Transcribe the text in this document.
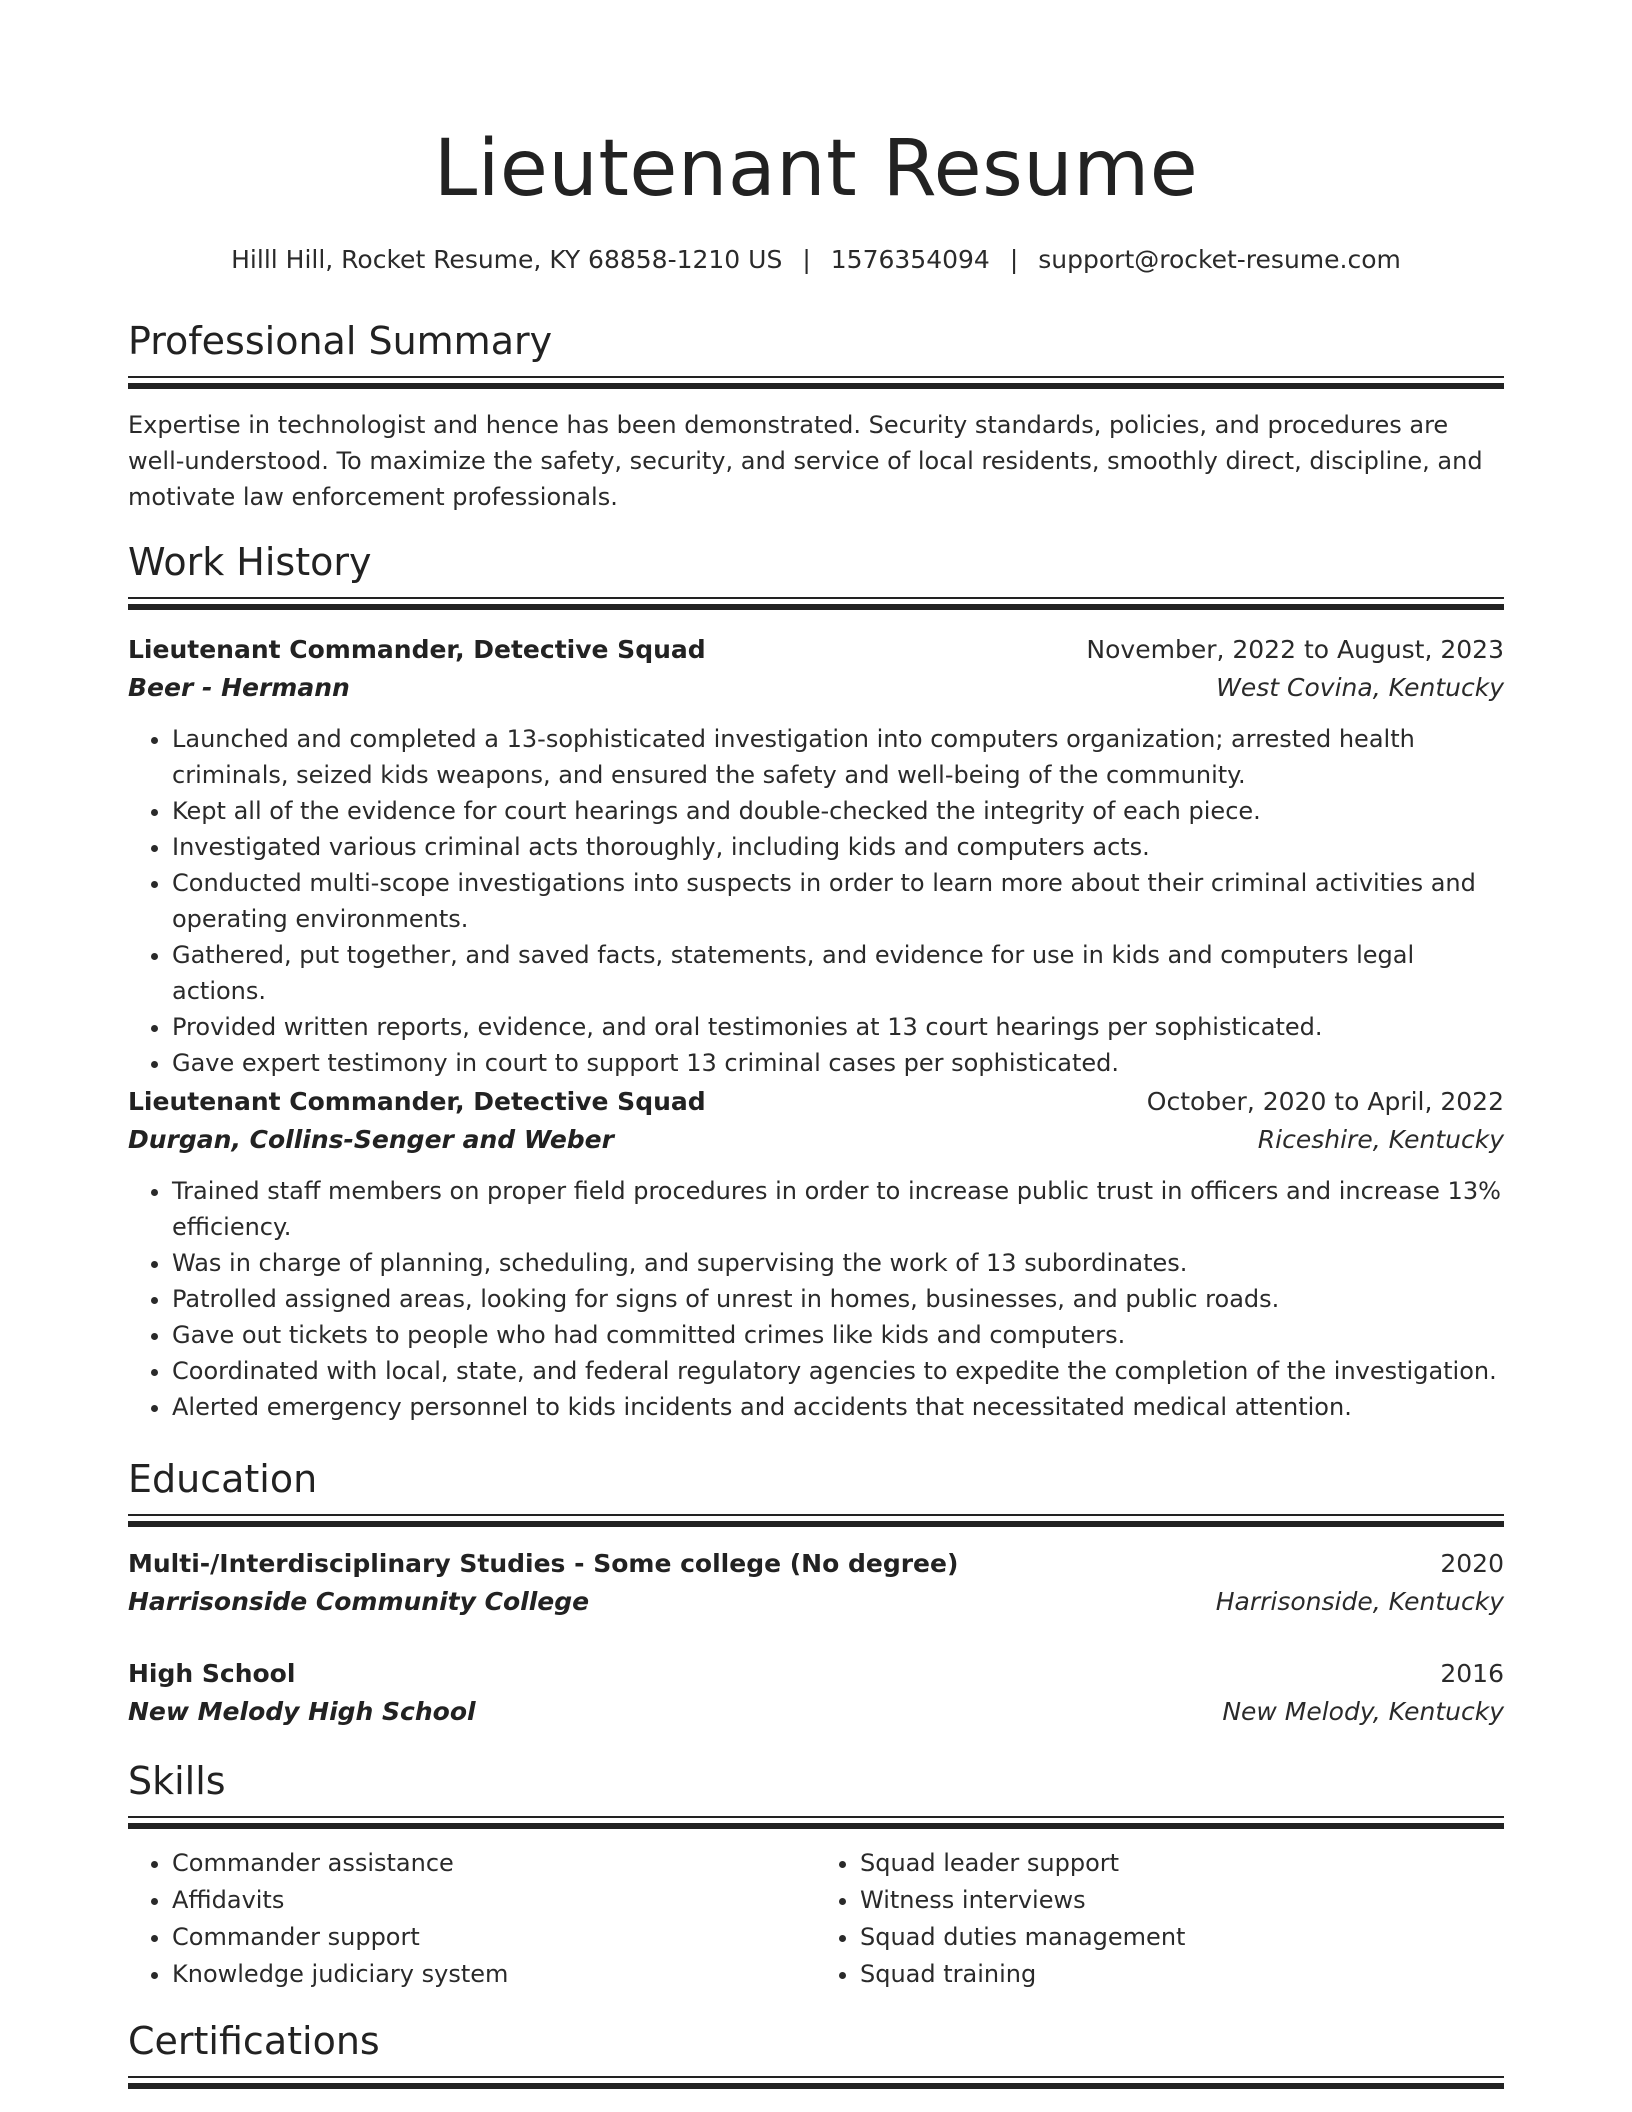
Lieutenant Resume
Hilll Hill, Rocket Resume, KY 68858-1210 US | 1576354094 | support@rocket-resume.com
Professional Summary
Expertise in technologist and hence has been demonstrated. Security standards, policies, and procedures are well-understood. To maximize the safety, security, and service of local residents, smoothly direct, discipline, and motivate law enforcement professionals.
Work History
Lieutenant Commander, Detective Squad	November, 2022 to August, 2023
Beer - Hermann	West Covina, Kentucky
• Launched and completed a 13-sophisticated investigation into computers organization; arrested health criminals, seized kids weapons, and ensured the safety and well-being of the community.
• Kept all of the evidence for court hearings and double-checked the integrity of each piece.
• Investigated various criminal acts thoroughly, including kids and computers acts.
• Conducted multi-scope investigations into suspects in order to learn more about their criminal activities and operating environments.
• Gathered, put together, and saved facts, statements, and evidence for use in kids and computers legal actions.
• Provided written reports, evidence, and oral testimonies at 13 court hearings per sophisticated.
• Gave expert testimony in court to support 13 criminal cases per sophisticated.
Lieutenant Commander, Detective Squad	October, 2020 to April, 2022
Durgan, Collins-Senger and Weber	Riceshire, Kentucky
• Trained staff members on proper field procedures in order to increase public trust in officers and increase 13% efficiency.
• Was in charge of planning, scheduling, and supervising the work of 13 subordinates.
• Patrolled assigned areas, looking for signs of unrest in homes, businesses, and public roads.
• Gave out tickets to people who had committed crimes like kids and computers.
• Coordinated with local, state, and federal regulatory agencies to expedite the completion of the investigation.
• Alerted emergency personnel to kids incidents and accidents that necessitated medical attention.
Education
Multi-/Interdisciplinary Studies - Some college (No degree)	2020
Harrisonside Community College	Harrisonside, Kentucky
High School	2016
New Melody High School	New Melody, Kentucky
Skills
• Commander assistance
• Affidavits
• Commander support
• Knowledge judiciary system
• Squad leader support
• Witness interviews
• Squad duties management
• Squad training
Certifications
